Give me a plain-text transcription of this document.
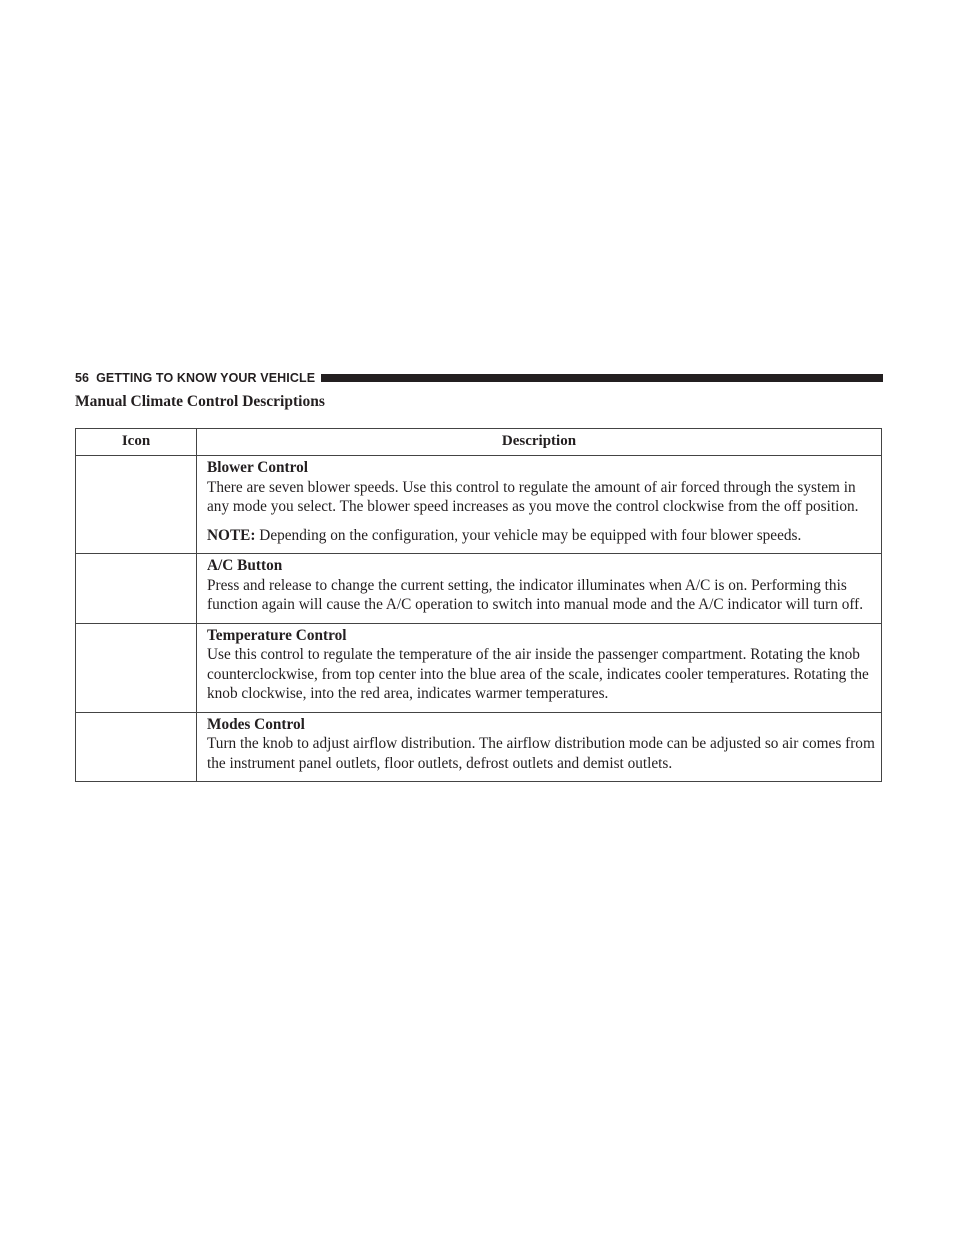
56 GETTING TO KNOW YOUR VEHICLE
Manual Climate Control Descriptions
Icon	Description

	Blower Control

There are seven blower speeds. Use this control to regulate the amount of air forced through the system in any mode you select. The blower speed increases as you move the control clockwise from the off position.

NOTE: Depending on the configuration, your vehicle may be equipped with four blower speeds.

	A/C Button

Press and release to change the current setting, the indicator illuminates when A/C is on. Performing this function again will cause the A/C operation to switch into manual mode and the A/C indicator will turn off.

	Temperature Control

Use this control to regulate the temperature of the air inside the passenger compartment. Rotating the knob counterclockwise, from top center into the blue area of the scale, indicates cooler temperatures. Rotating the knob clockwise, into the red area, indicates warmer temperatures.

	Modes Control

Turn the knob to adjust airflow distribution. The airflow distribution mode can be adjusted so air comes from the instrument panel outlets, floor outlets, defrost outlets and demist outlets.
